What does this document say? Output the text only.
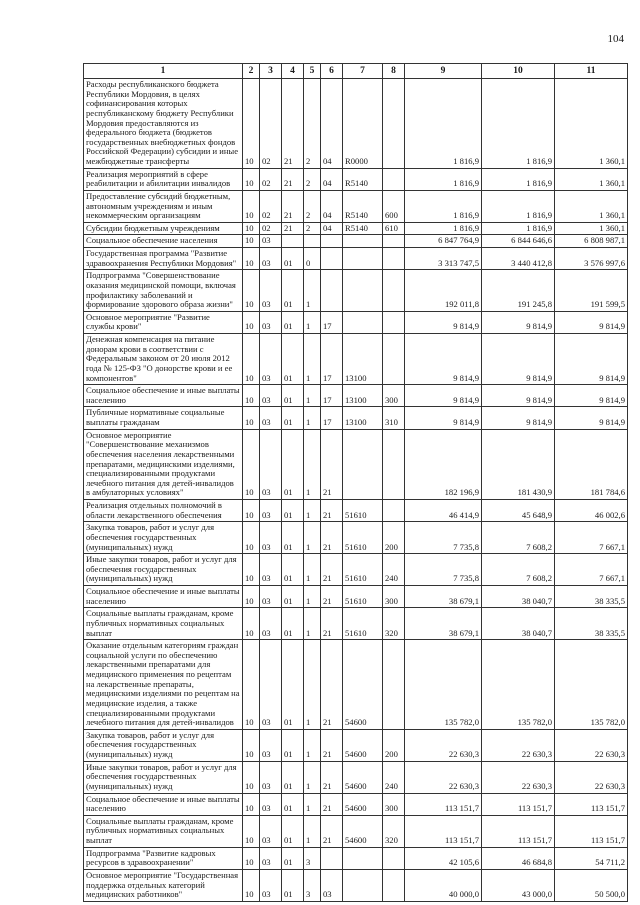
104
1	2	3	4	5	6	7	8	9	10	11
Расходы республиканского бюджета Республики Мордовия, в целях софинансирования которых республиканскому бюджету Республики Мордовия предоставляются из федерального бюджета (бюджетов государственных внебюджетных фондов Российской Федерации) субсидии и иные межбюджетные трансферты	10	02	21	2	04	R0000		1 816,9	1 816,9	1 360,1
Реализация мероприятий в сфере реабилитации и абилитации инвалидов	10	02	21	2	04	R5140		1 816,9	1 816,9	1 360,1
Предоставление субсидий бюджетным, автономным учреждениям и иным некоммерческим организациям	10	02	21	2	04	R5140	600	1 816,9	1 816,9	1 360,1
Субсидии бюджетным учреждениям	10	02	21	2	04	R5140	610	1 816,9	1 816,9	1 360,1
Социальное обеспечение населения	10	03						6 847 764,9	6 844 646,6	6 808 987,1
Государственная программа "Развитие здравоохранения Республики Мордовия"	10	03	01	0				3 313 747,5	3 440 412,8	3 576 997,6
Подпрограмма "Совершенствование оказания медицинской помощи, включая профилактику заболеваний и формирование здорового образа жизни"	10	03	01	1				192 011,8	191 245,8	191 599,5
Основное мероприятие "Развитие службы крови"	10	03	01	1	17			9 814,9	9 814,9	9 814,9
Денежная компенсация на питание донорам крови в соответствии с Федеральным законом от 20 июля 2012 года № 125-ФЗ "О донорстве крови и ее компонентов"	10	03	01	1	17	13100		9 814,9	9 814,9	9 814,9
Социальное обеспечение и иные выплаты населению	10	03	01	1	17	13100	300	9 814,9	9 814,9	9 814,9
Публичные нормативные социальные выплаты гражданам	10	03	01	1	17	13100	310	9 814,9	9 814,9	9 814,9
Основное мероприятие "Совершенствование механизмов обеспечения населения лекарственными препаратами, медицинскими изделиями, специализированными продуктами лечебного питания для детей-инвалидов в амбулаторных условиях"	10	03	01	1	21			182 196,9	181 430,9	181 784,6
Реализация отдельных полномочий в области лекарственного обеспечения	10	03	01	1	21	51610		46 414,9	45 648,9	46 002,6
Закупка товаров, работ и услуг для обеспечения государственных (муниципальных) нужд	10	03	01	1	21	51610	200	7 735,8	7 608,2	7 667,1
Иные закупки товаров, работ и услуг для обеспечения государственных (муниципальных) нужд	10	03	01	1	21	51610	240	7 735,8	7 608,2	7 667,1
Социальное обеспечение и иные выплаты населению	10	03	01	1	21	51610	300	38 679,1	38 040,7	38 335,5
Социальные выплаты гражданам, кроме публичных нормативных социальных выплат	10	03	01	1	21	51610	320	38 679,1	38 040,7	38 335,5
Оказание отдельным категориям граждан социальной услуги по обеспечению лекарственными препаратами для медицинского применения по рецептам на лекарственные препараты, медицинскими изделиями по рецептам на медицинские изделия, а также специализированными продуктами лечебного питания для детей-инвалидов	10	03	01	1	21	54600		135 782,0	135 782,0	135 782,0
Закупка товаров, работ и услуг для обеспечения государственных (муниципальных) нужд	10	03	01	1	21	54600	200	22 630,3	22 630,3	22 630,3
Иные закупки товаров, работ и услуг для обеспечения государственных (муниципальных) нужд	10	03	01	1	21	54600	240	22 630,3	22 630,3	22 630,3
Социальное обеспечение и иные выплаты населению	10	03	01	1	21	54600	300	113 151,7	113 151,7	113 151,7
Социальные выплаты гражданам, кроме публичных нормативных социальных выплат	10	03	01	1	21	54600	320	113 151,7	113 151,7	113 151,7
Подпрограмма "Развитие кадровых ресурсов в здравоохранении"	10	03	01	3				42 105,6	46 684,8	54 711,2
Основное мероприятие "Государственная поддержка отдельных категорий медицинских работников"	10	03	01	3	03			40 000,0	43 000,0	50 500,0
